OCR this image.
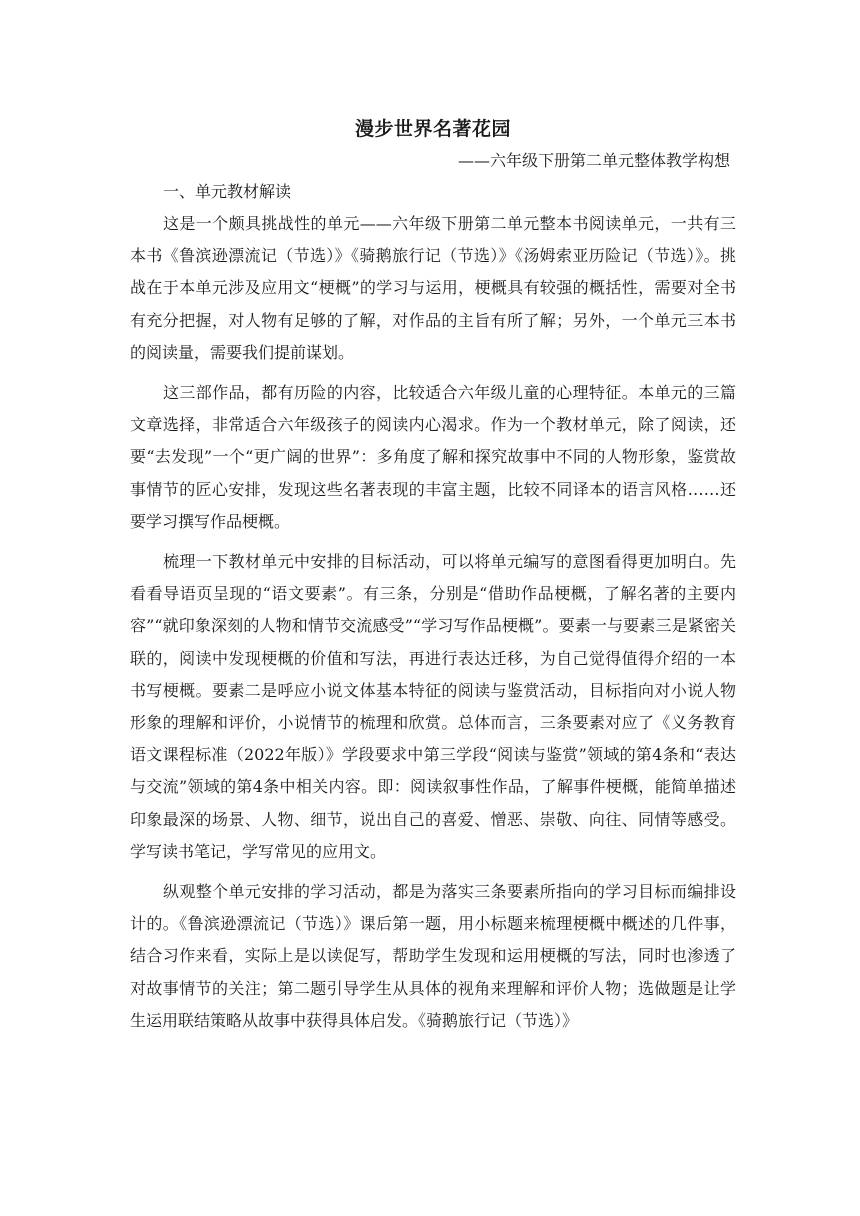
漫步世界名著花园
——六年级下册第二单元整体教学构想
一、单元教材解读

这是一个颇具挑战性的单元——六年级下册第二单元整本书阅读单元，一共有三本书《鲁滨逊漂流记（节选）》《骑鹅旅行记（节选）》《汤姆索亚历险记（节选）》。挑战在于本单元涉及应用文“梗概”的学习与运用，梗概具有较强的概括性，需要对全书有充分把握，对人物有足够的了解，对作品的主旨有所了解；另外，一个单元三本书的阅读量，需要我们提前谋划。

这三部作品，都有历险的内容，比较适合六年级儿童的心理特征。本单元的三篇文章选择，非常适合六年级孩子的阅读内心渴求。作为一个教材单元，除了阅读，还要“去发现”一个“更广阔的世界”：多角度了解和探究故事中不同的人物形象，鉴赏故事情节的匠心安排，发现这些名著表现的丰富主题，比较不同译本的语言风格……还要学习撰写作品梗概。

梳理一下教材单元中安排的目标活动，可以将单元编写的意图看得更加明白。先看看导语页呈现的“语文要素”。有三条，分别是“借助作品梗概，了解名著的主要内容”“就印象深刻的人物和情节交流感受”“学习写作品梗概”。要素一与要素三是紧密关联的，阅读中发现梗概的价值和写法，再进行表达迁移，为自己觉得值得介绍的一本书写梗概。要素二是呼应小说文体基本特征的阅读与鉴赏活动，目标指向对小说人物形象的理解和评价，小说情节的梳理和欣赏。总体而言，三条要素对应了《义务教育语文课程标准（2022年版）》学段要求中第三学段“阅读与鉴赏”领域的第4条和“表达与交流”领域的第4条中相关内容。即：阅读叙事性作品，了解事件梗概，能简单描述印象最深的场景、人物、细节，说出自己的喜爱、憎恶、崇敬、向往、同情等感受。学写读书笔记，学写常见的应用文。

纵观整个单元安排的学习活动，都是为落实三条要素所指向的学习目标而编排设计的。《鲁滨逊漂流记（节选）》课后第一题，用小标题来梳理梗概中概述的几件事，结合习作来看，实际上是以读促写，帮助学生发现和运用梗概的写法，同时也渗透了对故事情节的关注；第二题引导学生从具体的视角来理解和评价人物；选做题是让学生运用联结策略从故事中获得具体启发。《骑鹅旅行记（节选）》
